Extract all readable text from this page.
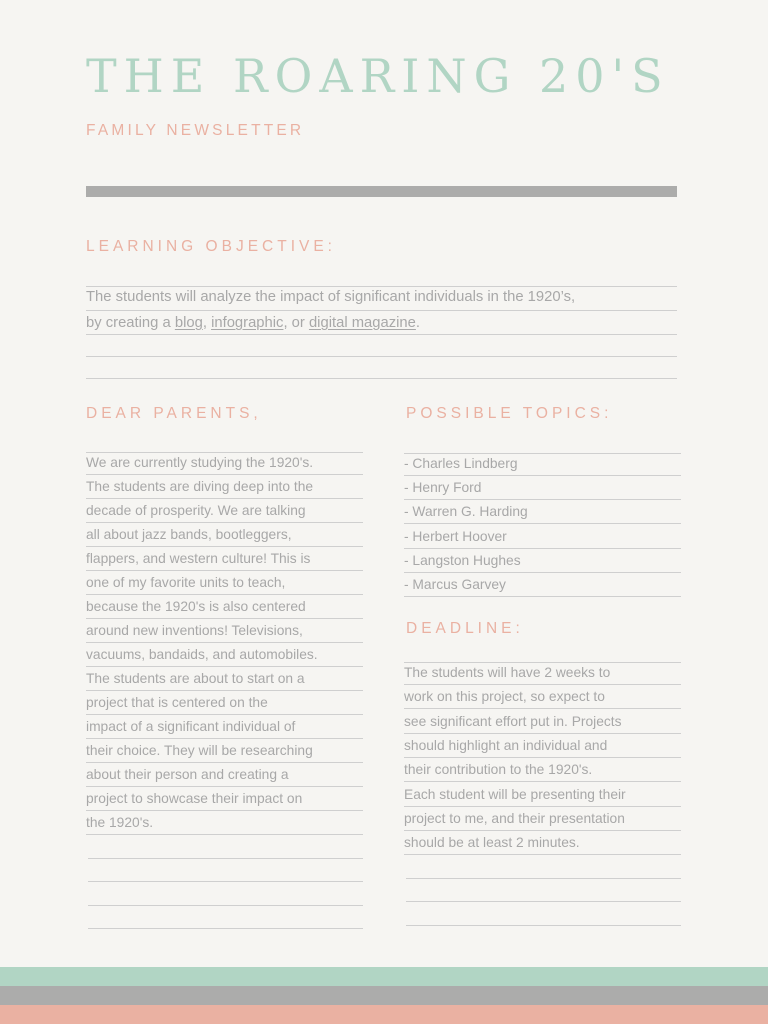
THE ROARING 20'S
FAMILY NEWSLETTER
LEARNING OBJECTIVE:
The students will analyze the impact of significant individuals in the 1920’s,
by creating a blog, infographic, or digital magazine.
DEAR PARENTS,
We are currently studying the 1920's.
The students are diving deep into the
decade of prosperity. We are talking
all about jazz bands, bootleggers,
flappers, and western culture! This is
one of my favorite units to teach,
because the 1920's is also centered
around new inventions! Televisions,
vacuums, bandaids, and automobiles.
The students are about to start on a
project that is centered on the
impact of a significant individual of
their choice. They will be researching
about their person and creating a
project to showcase their impact on
the 1920's.
POSSIBLE TOPICS:
- Charles Lindberg
- Henry Ford
- Warren G. Harding
- Herbert Hoover
- Langston Hughes
- Marcus Garvey
DEADLINE:
The students will have 2 weeks to
work on this project, so expect to
see significant effort put in. Projects
should highlight an individual and
their contribution to the 1920's.
Each student will be presenting their
project to me, and their presentation
should be at least 2 minutes.
